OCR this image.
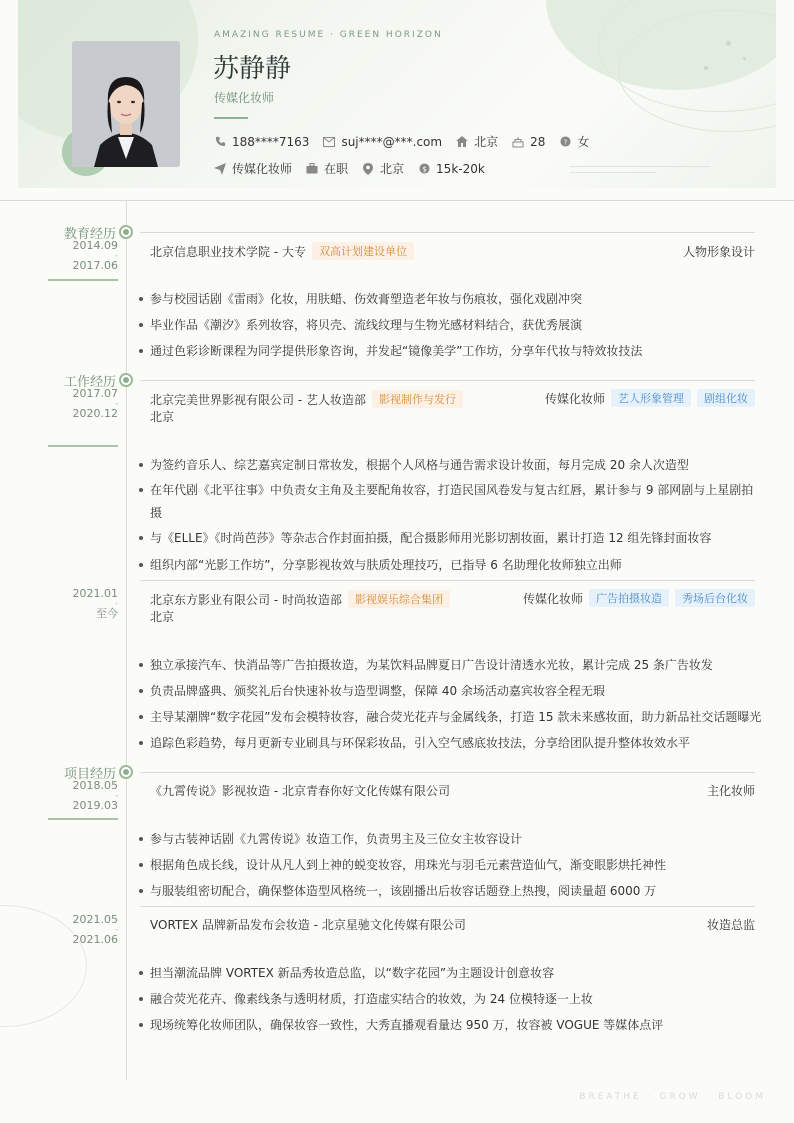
AMAZING RESUME · GREEN HORIZON
苏静静
传媒化妆师
188****7163	suj****@***.com	北京	28 ? 女
传媒化妆师	在职	北京 $ 15k-20k
教育经历
2014.09
-
2017.06
北京信息职业技术学院 - 大专	双高计划建设单位	人物形象设计
参与校园话剧《雷雨》化妆，用肤蜡、伤效膏塑造老年妆与伤痕妆，强化戏剧冲突
毕业作品《潮汐》系列妆容，将贝壳、流线纹理与生物光感材料结合，获优秀展演
通过色彩诊断课程为同学提供形象咨询，并发起“镜像美学”工作坊，分享年代妆与特效妆技法
工作经历
2017.07
-
2020.12
北京完美世界影视有限公司 - 艺人妆造部	影视制作与发行	传媒化妆师	艺人形象管理	剧组化妆
北京
为签约音乐人、综艺嘉宾定制日常妆发，根据个人风格与通告需求设计妆面，每月完成 20 余人次造型
在年代剧《北平往事》中负责女主角及主要配角妆容，打造民国风卷发与复古红唇，累计参与 9 部网剧与上星剧拍摄
与《ELLE》《时尚芭莎》等杂志合作封面拍摄，配合摄影师用光影切割妆面，累计打造 12 组先锋封面妆容
组织内部“光影工作坊”，分享影视妆效与肤质处理技巧，已指导 6 名助理化妆师独立出师
2021.01
-
至今
北京东方影业有限公司 - 时尚妆造部	影视娱乐综合集团	传媒化妆师	广告拍摄妆造	秀场后台化妆
北京
独立承接汽车、快消品等广告拍摄妆造，为某饮料品牌夏日广告设计清透水光妆，累计完成 25 条广告妆发
负责品牌盛典、颁奖礼后台快速补妆与造型调整，保障 40 余场活动嘉宾妆容全程无瑕
主导某潮牌“数字花园”发布会模特妆容，融合荧光花卉与金属线条，打造 15 款未来感妆面，助力新品社交话题曝光
追踪色彩趋势，每月更新专业刷具与环保彩妆品，引入空气感底妆技法，分享给团队提升整体妆效水平
项目经历
2018.05
-
2019.03
《九霄传说》影视妆造 - 北京青春你好文化传媒有限公司	主化妆师
参与古装神话剧《九霄传说》妆造工作，负责男主及三位女主妆容设计
根据角色成长线，设计从凡人到上神的蜕变妆容，用珠光与羽毛元素营造仙气，渐变眼影烘托神性
与服装组密切配合，确保整体造型风格统一，该剧播出后妆容话题登上热搜，阅读量超 6000 万
2021.05
-
2021.06
VORTEX 品牌新品发布会妆造 - 北京星驰文化传媒有限公司	妆造总监
担当潮流品牌 VORTEX 新品秀妆造总监，以“数字花园”为主题设计创意妆容
融合荧光花卉、像素线条与透明材质，打造虚实结合的妆效，为 24 位模特逐一上妆
现场统筹化妆师团队，确保妆容一致性，大秀直播观看量达 950 万，妆容被 VOGUE 等媒体点评
BREATHE · GROW · BLOOM
